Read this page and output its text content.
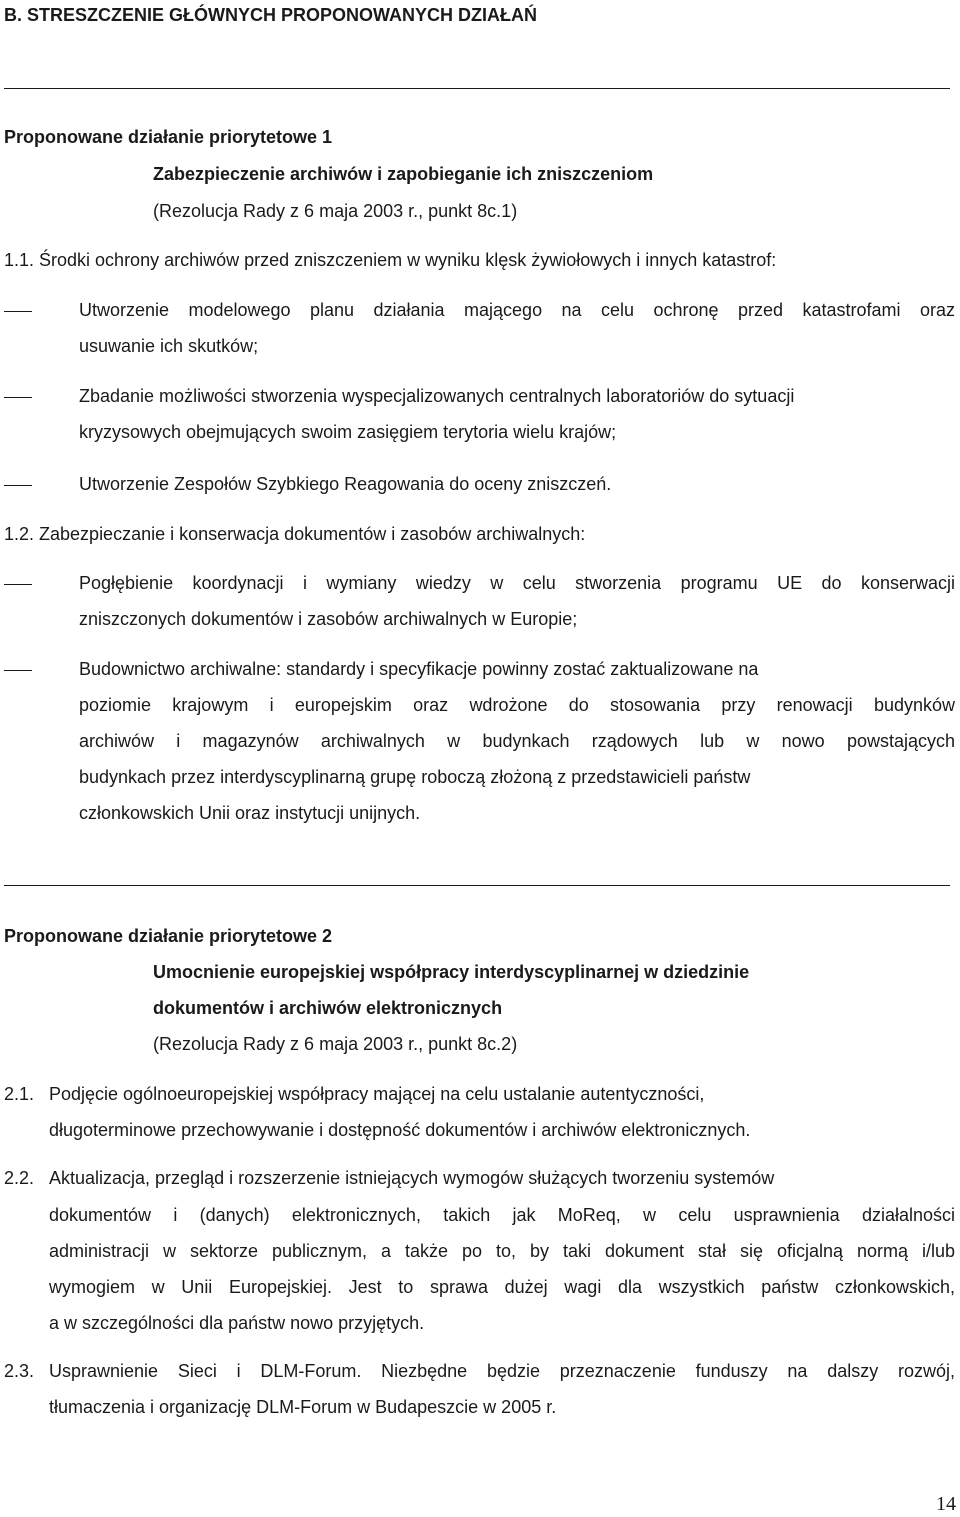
B. STRESZCZENIE GŁÓWNYCH PROPONOWANYCH DZIAŁAŃ
Proponowane działanie priorytetowe 1
Zabezpieczenie archiwów i zapobieganie ich zniszczeniom
(Rezolucja Rady z 6 maja 2003 r., punkt 8c.1)
1.1. Środki ochrony archiwów przed zniszczeniem w wyniku klęsk żywiołowych i innych katastrof:
Utworzenie modelowego planu działania mającego na celu ochronę przed katastrofami oraz
usuwanie ich skutków;
Zbadanie możliwości stworzenia wyspecjalizowanych centralnych laboratoriów do sytuacji
kryzysowych obejmujących swoim zasięgiem terytoria wielu krajów;
Utworzenie Zespołów Szybkiego Reagowania do oceny zniszczeń.
1.2. Zabezpieczanie i konserwacja dokumentów i zasobów archiwalnych:
Pogłębienie koordynacji i wymiany wiedzy w celu stworzenia programu UE do konserwacji
zniszczonych dokumentów i zasobów archiwalnych w Europie;
Budownictwo archiwalne: standardy i specyfikacje powinny zostać zaktualizowane na
poziomie krajowym i europejskim oraz wdrożone do stosowania przy renowacji budynków
archiwów i magazynów archiwalnych w budynkach rządowych lub w nowo powstających
budynkach przez interdyscyplinarną grupę roboczą złożoną z przedstawicieli państw
członkowskich Unii oraz instytucji unijnych.
Proponowane działanie priorytetowe 2
Umocnienie europejskiej współpracy interdyscyplinarnej w dziedzinie
dokumentów i archiwów elektronicznych
(Rezolucja Rady z 6 maja 2003 r., punkt 8c.2)
2.1. Podjęcie ogólnoeuropejskiej współpracy mającej na celu ustalanie autentyczności,
długoterminowe przechowywanie i dostępność dokumentów i archiwów elektronicznych.
2.2. Aktualizacja, przegląd i rozszerzenie istniejących wymogów służących tworzeniu systemów
dokumentów i (danych) elektronicznych, takich jak MoReq, w celu usprawnienia działalności
administracji w sektorze publicznym, a także po to, by taki dokument stał się oficjalną normą i/lub
wymogiem w Unii Europejskiej. Jest to sprawa dużej wagi dla wszystkich państw członkowskich,
a w szczególności dla państw nowo przyjętych.
2.3. Usprawnienie Sieci i DLM-Forum. Niezbędne będzie przeznaczenie funduszy na dalszy rozwój,
tłumaczenia i organizację DLM-Forum w Budapeszcie w 2005 r.
14
